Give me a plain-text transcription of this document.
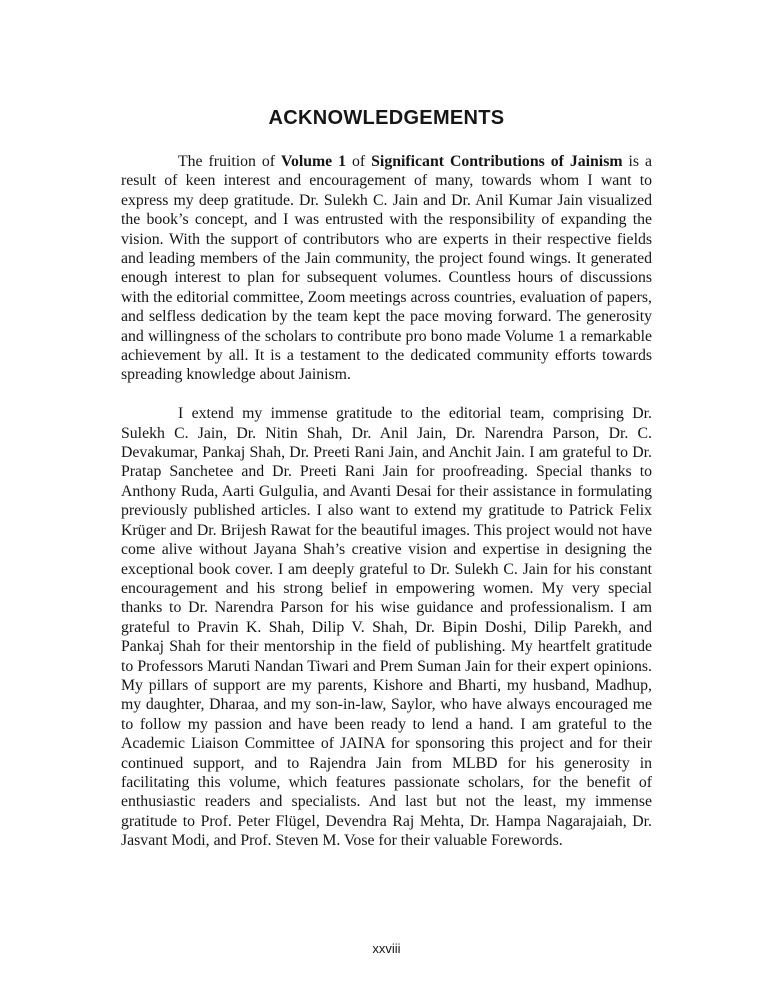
ACKNOWLEDGEMENTS

The fruition of Volume 1 of Significant Contributions of Jainism is a result of keen interest and encouragement of many, towards whom I want to express my deep gratitude. Dr. Sulekh C. Jain and Dr. Anil Kumar Jain visualized the book’s concept, and I was entrusted with the responsibility of expanding the vision. With the support of contributors who are experts in their respective fields and leading members of the Jain community, the project found wings. It generated enough interest to plan for subsequent volumes. Countless hours of discussions with the editorial committee, Zoom meetings across countries, evaluation of papers, and selfless dedication by the team kept the pace moving forward. The generosity and willingness of the scholars to contribute pro bono made Volume 1 a remarkable achievement by all. It is a testament to the dedicated community efforts towards spreading knowledge about Jainism.

I extend my immense gratitude to the editorial team, comprising Dr. Sulekh C. Jain, Dr. Nitin Shah, Dr. Anil Jain, Dr. Narendra Parson, Dr. C. Devakumar, Pankaj Shah, Dr. Preeti Rani Jain, and Anchit Jain. I am grateful to Dr. Pratap Sanchetee and Dr. Preeti Rani Jain for proofreading. Special thanks to Anthony Ruda, Aarti Gulgulia, and Avanti Desai for their assistance in formulating previously published articles. I also want to extend my gratitude to Patrick Felix Krüger and Dr. Brijesh Rawat for the beautiful images. This project would not have come alive without Jayana Shah’s creative vision and expertise in designing the exceptional book cover. I am deeply grateful to Dr. Sulekh C. Jain for his constant encouragement and his strong belief in empowering women. My very special thanks to Dr. Narendra Parson for his wise guidance and professionalism. I am grateful to Pravin K. Shah, Dilip V. Shah, Dr. Bipin Doshi, Dilip Parekh, and Pankaj Shah for their mentorship in the field of publishing. My heartfelt gratitude to Professors Maruti Nandan Tiwari and Prem Suman Jain for their expert opinions. My pillars of support are my parents, Kishore and Bharti, my husband, Madhup, my daughter, Dharaa, and my son-in-law, Saylor, who have always encouraged me to follow my passion and have been ready to lend a hand. I am grateful to the Academic Liaison Committee of JAINA for sponsoring this project and for their continued support, and to Rajendra Jain from MLBD for his generosity in facilitating this volume, which features passionate scholars, for the benefit of enthusiastic readers and specialists. And last but not the least, my immense gratitude to Prof. Peter Flügel, Devendra Raj Mehta, Dr. Hampa Nagarajaiah, Dr. Jasvant Modi, and Prof. Steven M. Vose for their valuable Forewords.

xxviii
